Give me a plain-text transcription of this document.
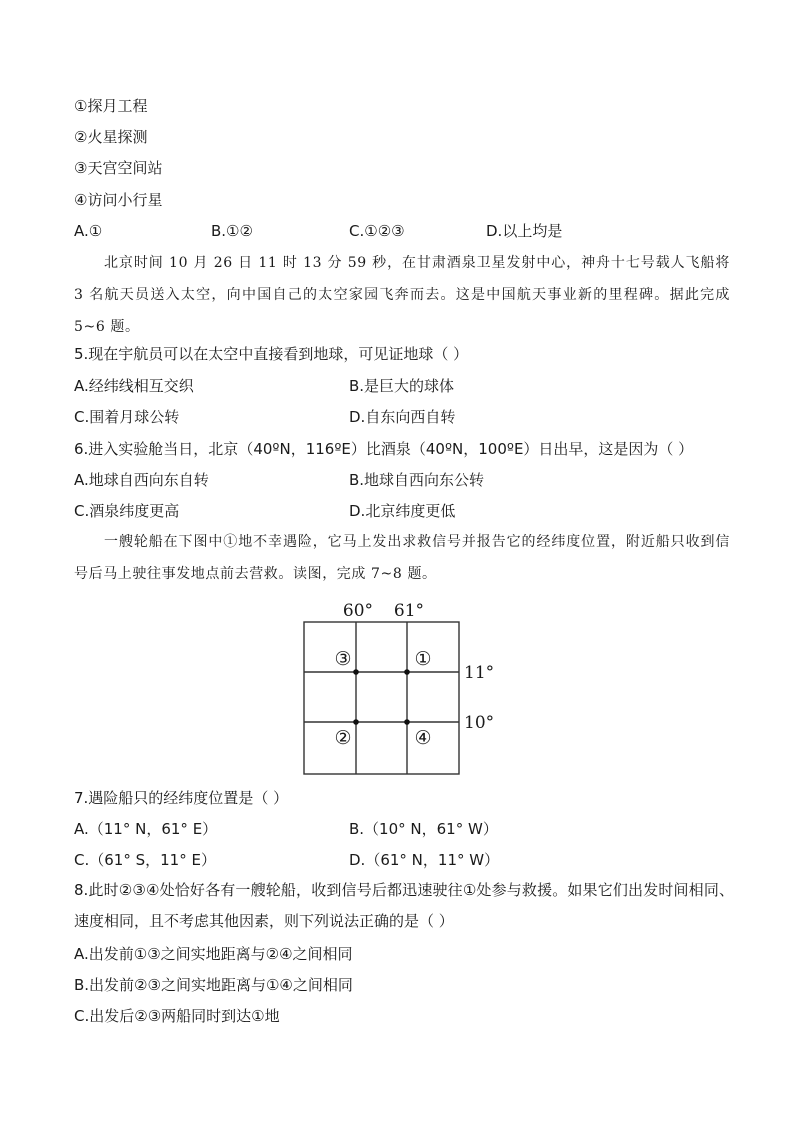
①探月工程
②火星探测
③天宫空间站
④访问小行星
A.①	B.①②	C.①②③	D.以上均是
北京时间 10 月 26 日 11 时 13 分 59 秒，在甘肃酒泉卫星发射中心，神舟十七号载人飞船将 3 名航天员送入太空，向中国自己的太空家园飞奔而去。这是中国航天事业新的里程碑。据此完成 5~6 题。
5.现在宇航员可以在太空中直接看到地球，可见证地球（ ）
A.经纬线相互交织	B.是巨大的球体
C.围着月球公转	D.自东向西自转
6.进入实验舱当日，北京（40ºN，116ºE）比酒泉（40ºN，100ºE）日出早，这是因为（ ）
A.地球自西向东自转	B.地球自西向东公转
C.酒泉纬度更高	D.北京纬度更低
一艘轮船在下图中①地不幸遇险，它马上发出求救信号并报告它的经纬度位置，附近船只收到信号后马上驶往事发地点前去营救。读图，完成 7~8 题。
60° 61°
③	①
②	④
11°
10°
7.遇险船只的经纬度位置是（ ）
A.（11° N，61° E）	B.（10° N，61° W）
C.（61° S，11° E）	D.（61° N，11° W）
8.此时②③④处恰好各有一艘轮船，收到信号后都迅速驶往①处参与救援。如果它们出发时间相同、速度相同，且不考虑其他因素，则下列说法正确的是（ ）
A.出发前①③之间实地距离与②④之间相同
B.出发前②③之间实地距离与①④之间相同
C.出发后②③两船同时到达①地
